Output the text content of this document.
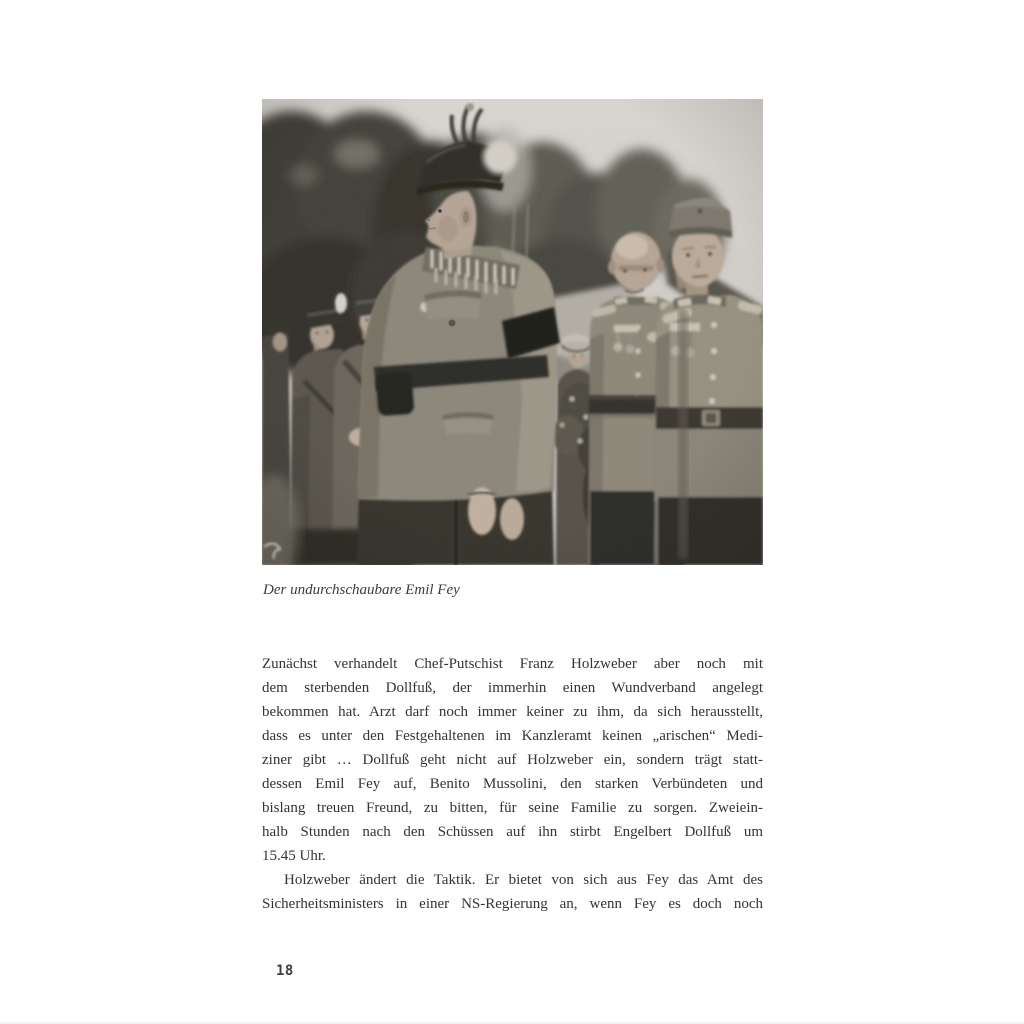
Der undurchschaubare Emil Fey
Zunächst verhandelt Chef-Putschist Franz Holzweber aber noch mit
dem sterbenden Dollfuß, der immerhin einen Wundverband angelegt
bekommen hat. Arzt darf noch immer keiner zu ihm, da sich herausstellt,
dass es unter den Festgehaltenen im Kanzleramt keinen „arischen“ Medi-
ziner gibt … Dollfuß geht nicht auf Holzweber ein, sondern trägt statt-
dessen Emil Fey auf, Benito Mussolini, den starken Verbündeten und
bislang treuen Freund, zu bitten, für seine Familie zu sorgen. Zweiein-
halb Stunden nach den Schüssen auf ihn stirbt Engelbert Dollfuß um
15.45 Uhr.
Holzweber ändert die Taktik. Er bietet von sich aus Fey das Amt des
Sicherheitsministers in einer NS-Regierung an, wenn Fey es doch noch
18
